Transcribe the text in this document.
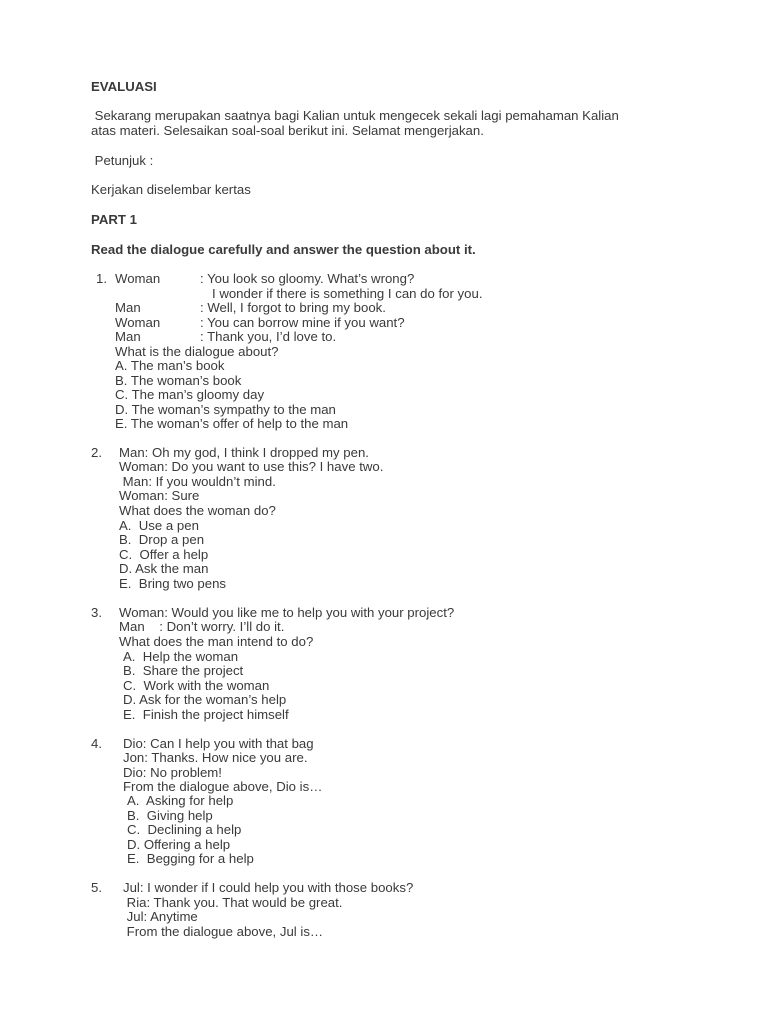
EVALUASI
Sekarang merupakan saatnya bagi Kalian untuk mengecek sekali lagi pemahaman Kalian
atas materi. Selesaikan soal-soal berikut ini. Selamat mengerjakan.
Petunjuk :
Kerjakan diselembar kertas
PART 1
Read the dialogue carefully and answer the question about it.
1. Woman	: You look so gloomy. What’s wrong?
I wonder if there is something I can do for you.
Man	: Well, I forgot to bring my book.
Woman	: You can borrow mine if you want?
Man	: Thank you, I’d love to.
What is the dialogue about?
A. The man’s book
B. The woman’s book
C. The man’s gloomy day
D. The woman’s sympathy to the man
E. The woman’s offer of help to the man
2. Man: Oh my god, I think I dropped my pen.
Woman: Do you want to use this? I have two.
Man: If you wouldn’t mind.
Woman: Sure
What does the woman do?
A.  Use a pen
B.  Drop a pen
C.  Offer a help
D. Ask the man
E.  Bring two pens
3. Woman: Would you like me to help you with your project?
Man    : Don’t worry. I’ll do it.
What does the man intend to do?
A.  Help the woman
B.  Share the project
C.  Work with the woman
D. Ask for the woman’s help
E.  Finish the project himself
4. Dio: Can I help you with that bag
Jon: Thanks. How nice you are.
Dio: No problem!
From the dialogue above, Dio is…
A.  Asking for help
B.  Giving help
C.  Declining a help
D. Offering a help
E.  Begging for a help
5. Jul: I wonder if I could help you with those books?
Ria: Thank you. That would be great.
Jul: Anytime
From the dialogue above, Jul is…
